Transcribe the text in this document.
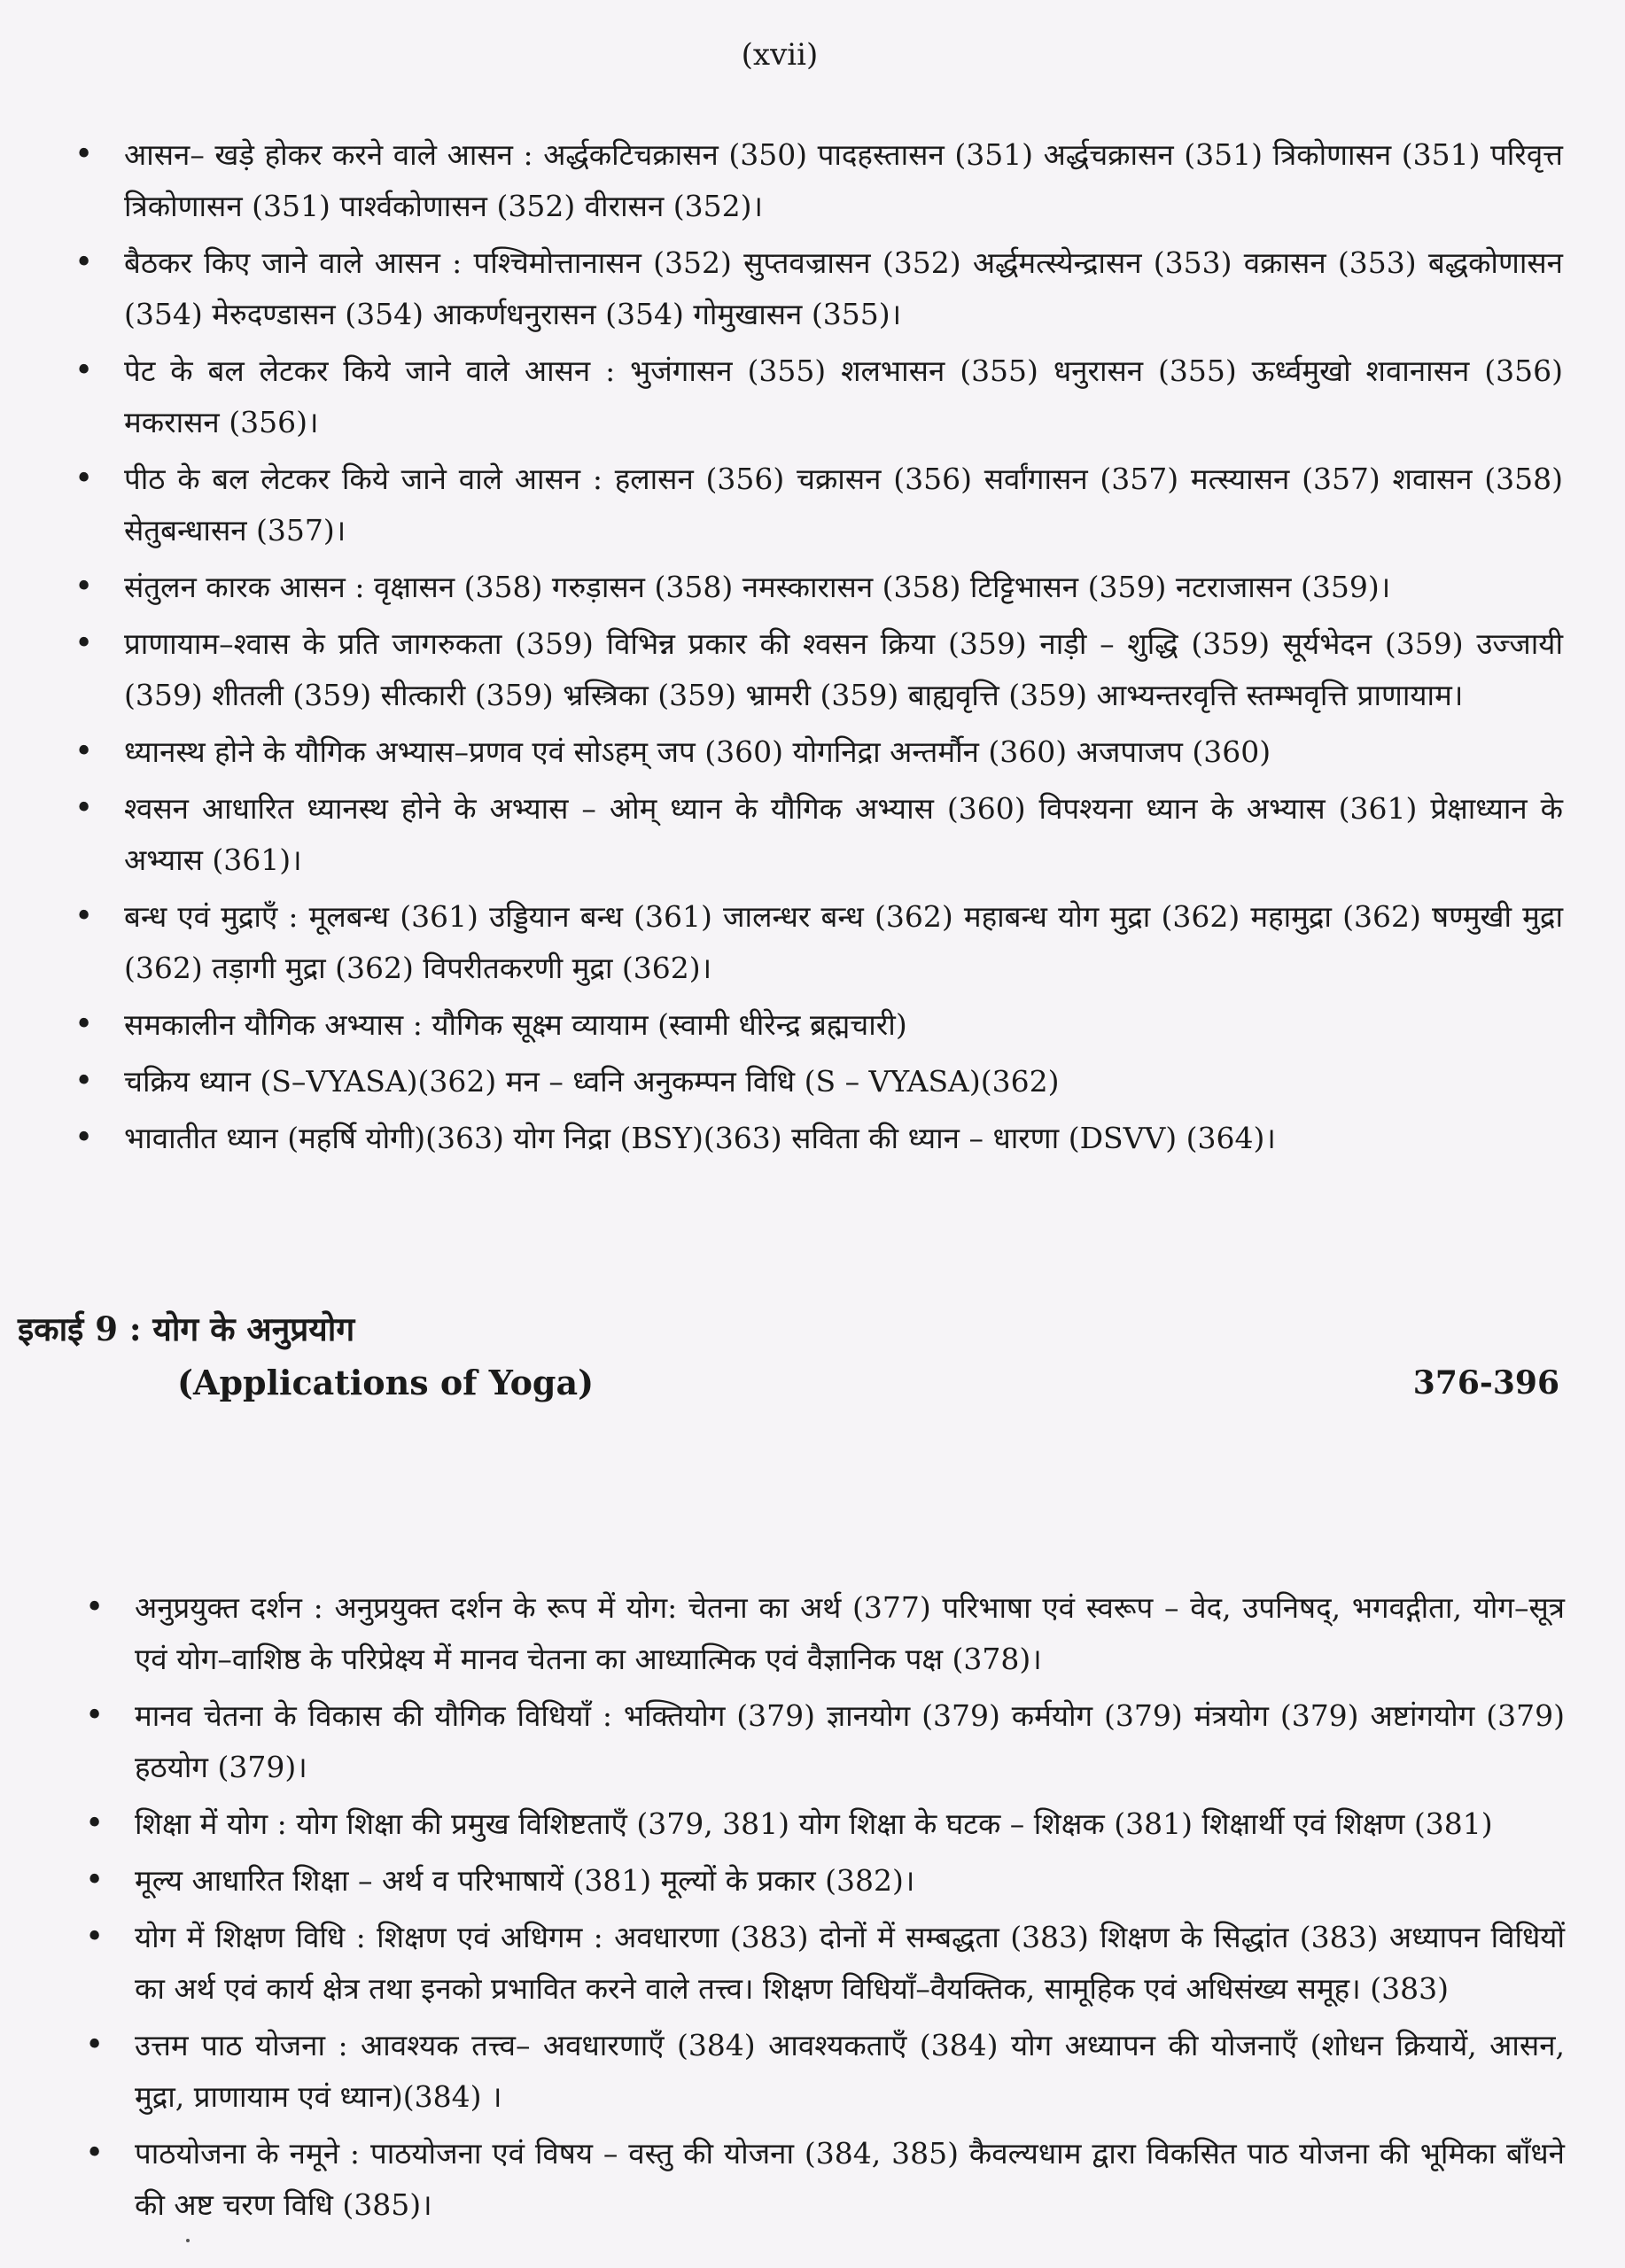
(xvii)
• आसन– खड़े होकर करने वाले आसन : अर्द्धकटिचक्रासन (350) पादहस्तासन (351) अर्द्धचक्रासन (351) त्रिकोणासन (351) परिवृत्त त्रिकोणासन (351) पार्श्वकोणासन (352) वीरासन (352)।
• बैठकर किए जाने वाले आसन : पश्चिमोत्तानासन (352) सुप्तवज्रासन (352) अर्द्धमत्स्येन्द्रासन (353) वक्रासन (353) बद्धकोणासन (354) मेरुदण्डासन (354) आकर्णधनुरासन (354) गोमुखासन (355)।
• पेट के बल लेटकर किये जाने वाले आसन : भुजंगासन (355) शलभासन (355) धनुरासन (355) ऊर्ध्वमुखो शवानासन (356) मकरासन (356)।
• पीठ के बल लेटकर किये जाने वाले आसन : हलासन (356) चक्रासन (356) सर्वांगासन (357) मत्स्यासन (357) शवासन (358) सेतुबन्धासन (357)।
• संतुलन कारक आसन : वृक्षासन (358) गरुड़ासन (358) नमस्कारासन (358) टिट्टिभासन (359) नटराजासन (359)।
• प्राणायाम–श्वास के प्रति जागरुकता (359) विभिन्न प्रकार की श्वसन क्रिया (359) नाड़ी – शुद्धि (359) सूर्यभेदन (359) उज्जायी (359) शीतली (359) सीत्कारी (359) भ्रस्त्रिका (359) भ्रामरी (359) बाह्यवृत्ति (359) आभ्यन्तरवृत्ति स्तम्भवृत्ति प्राणायाम।
• ध्यानस्थ होने के यौगिक अभ्यास–प्रणव एवं सोऽहम् जप (360) योगनिद्रा अन्तर्मौन (360) अजपाजप (360)
• श्वसन आधारित ध्यानस्थ होने के अभ्यास – ओम् ध्यान के यौगिक अभ्यास (360) विपश्यना ध्यान के अभ्यास (361) प्रेक्षाध्यान के अभ्यास (361)।
• बन्ध एवं मुद्राएँ : मूलबन्ध (361) उड्डियान बन्ध (361) जालन्धर बन्ध (362) महाबन्ध योग मुद्रा (362) महामुद्रा (362) षण्मुखी मुद्रा (362) तड़ागी मुद्रा (362) विपरीतकरणी मुद्रा (362)।
• समकालीन यौगिक अभ्यास : यौगिक सूक्ष्म व्यायाम (स्वामी धीरेन्द्र ब्रह्मचारी)
• चक्रिय ध्यान (S–VYASA)(362) मन – ध्वनि अनुकम्पन विधि (S – VYASA)(362)
• भावातीत ध्यान (महर्षि योगी)(363) योग निद्रा (BSY)(363) सविता की ध्यान – धारणा (DSVV) (364)।
इकाई 9 : योग के अनुप्रयोग
(Applications of Yoga)	376-396
• अनुप्रयुक्त दर्शन : अनुप्रयुक्त दर्शन के रूप में योग: चेतना का अर्थ (377) परिभाषा एवं स्वरूप – वेद, उपनिषद्, भगवद्गीता, योग–सूत्र एवं योग–वाशिष्ठ के परिप्रेक्ष्य में मानव चेतना का आध्यात्मिक एवं वैज्ञानिक पक्ष (378)।
• मानव चेतना के विकास की यौगिक विधियाँ : भक्तियोग (379) ज्ञानयोग (379) कर्मयोग (379) मंत्रयोग (379) अष्टांगयोग (379) हठयोग (379)।
• शिक्षा में योग : योग शिक्षा की प्रमुख विशिष्टताएँ (379, 381) योग शिक्षा के घटक – शिक्षक (381) शिक्षार्थी एवं शिक्षण (381)
• मूल्य आधारित शिक्षा – अर्थ व परिभाषायें (381) मूल्यों के प्रकार (382)।
• योग में शिक्षण विधि : शिक्षण एवं अधिगम : अवधारणा (383) दोनों में सम्बद्धता (383) शिक्षण के सिद्धांत (383) अध्यापन विधियों का अर्थ एवं कार्य क्षेत्र तथा इनको प्रभावित करने वाले तत्त्व। शिक्षण विधियाँ–वैयक्तिक, सामूहिक एवं अधिसंख्य समूह। (383)
• उत्तम पाठ योजना : आवश्यक तत्त्व– अवधारणाएँ (384) आवश्यकताएँ (384) योग अध्यापन की योजनाएँ (शोधन क्रियायें, आसन, मुद्रा, प्राणायाम एवं ध्यान)(384) ।
• पाठयोजना के नमूने : पाठयोजना एवं विषय – वस्तु की योजना (384, 385) कैवल्यधाम द्वारा विकसित पाठ योजना की भूमिका बाँधने की अष्ट चरण विधि (385)।
